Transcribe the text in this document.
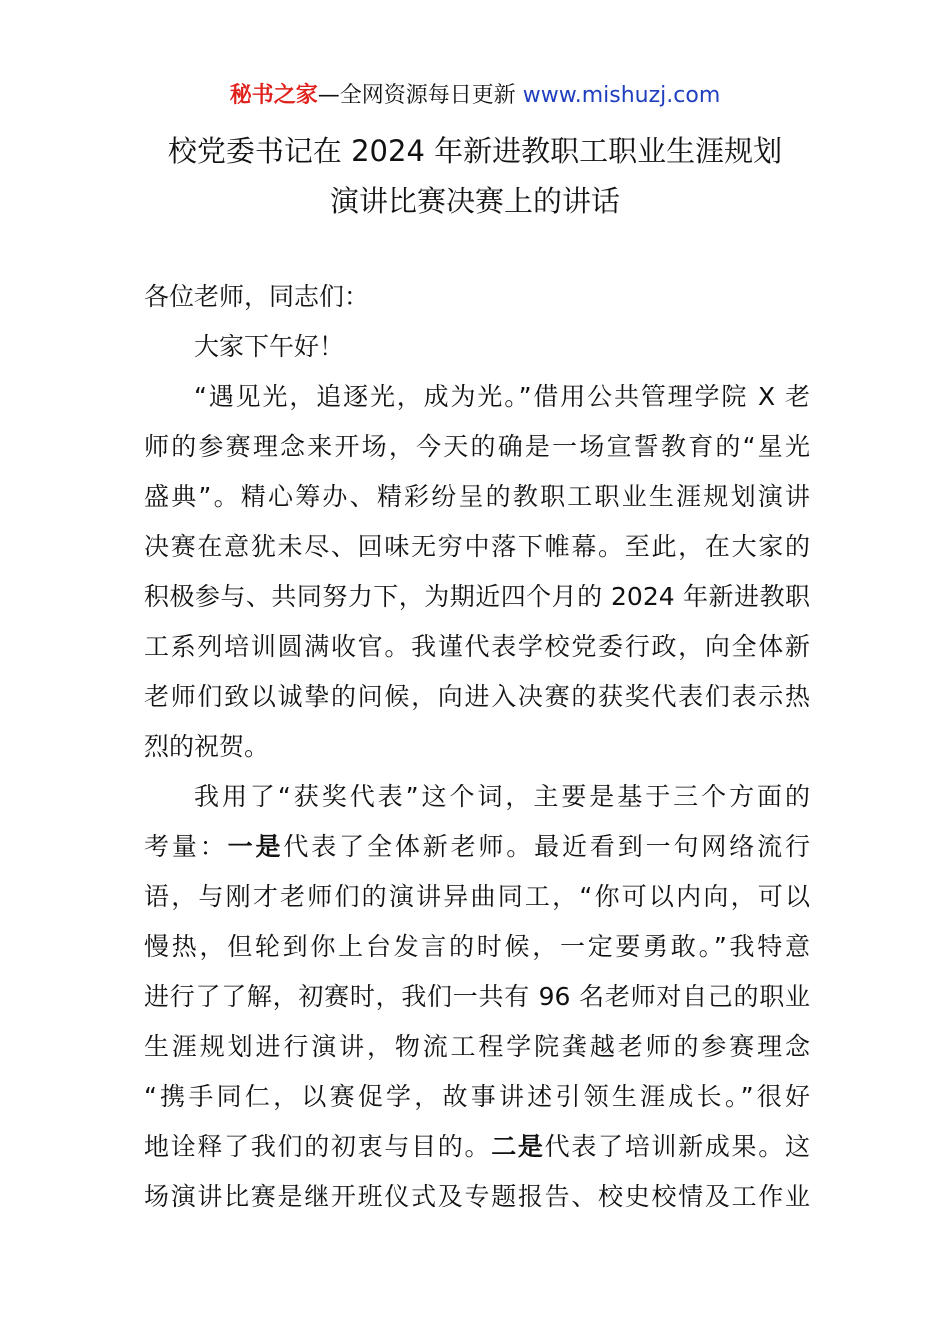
秘书之家—全网资源每日更新 www.mishuzj.com
校党委书记在 2024 年新进教职工职业生涯规划
演讲比赛决赛上的讲话
各位老师，同志们：
大家下午好！
“遇见光，追逐光，成为光。”借用公共管理学院 X 老
师的参赛理念来开场，今天的确是一场宣誓教育的“星光
盛典”。精心筹办、精彩纷呈的教职工职业生涯规划演讲
决赛在意犹未尽、回味无穷中落下帷幕。至此，在大家的
积极参与、共同努力下，为期近四个月的 2024 年新进教职
工系列培训圆满收官。我谨代表学校党委行政，向全体新
老师们致以诚挚的问候，向进入决赛的获奖代表们表示热
烈的祝贺。
我用了“获奖代表”这个词，主要是基于三个方面的
考量：一是代表了全体新老师。最近看到一句网络流行
语，与刚才老师们的演讲异曲同工，“你可以内向，可以
慢热，但轮到你上台发言的时候，一定要勇敢。”我特意
进行了了解，初赛时，我们一共有 96 名老师对自己的职业
生涯规划进行演讲，物流工程学院龚越老师的参赛理念
“携手同仁，以赛促学，故事讲述引领生涯成长。”很好
地诠释了我们的初衷与目的。二是代表了培训新成果。这
场演讲比赛是继开班仪式及专题报告、校史校情及工作业
